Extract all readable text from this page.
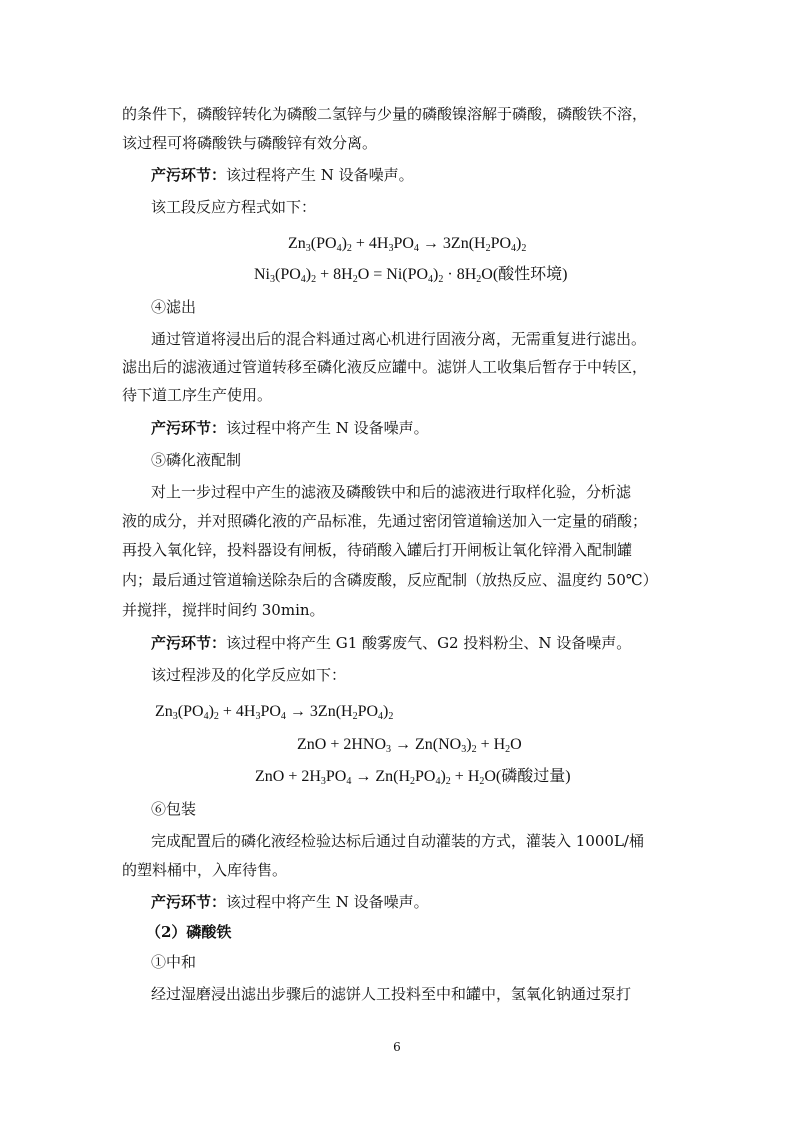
的条件下，磷酸锌转化为磷酸二氢锌与少量的磷酸镍溶解于磷酸，磷酸铁不溶，
该过程可将磷酸铁与磷酸锌有效分离。
产污环节：该过程将产生 N 设备噪声。
该工段反应方程式如下：
$Zn_3(PO_4)_2 + 4H_3PO_4 \to 3Zn(H_2PO_4)_2$
$Ni_3(PO_4)_2 + 8H_2O = Ni(PO_4)_2 \cdot 8H_2O$(酸性环境)
④滤出
通过管道将浸出后的混合料通过离心机进行固液分离，无需重复进行滤出。
滤出后的滤液通过管道转移至磷化液反应罐中。滤饼人工收集后暂存于中转区，
待下道工序生产使用。
产污环节：该过程中将产生 N 设备噪声。
⑤磷化液配制
对上一步过程中产生的滤液及磷酸铁中和后的滤液进行取样化验，分析滤
液的成分，并对照磷化液的产品标准，先通过密闭管道输送加入一定量的硝酸；
再投入氧化锌，投料器设有闸板，待硝酸入罐后打开闸板让氧化锌滑入配制罐
内；最后通过管道输送除杂后的含磷废酸，反应配制（放热反应、温度约 50℃）
并搅拌，搅拌时间约 30min。
产污环节：该过程中将产生 G1 酸雾废气、G2 投料粉尘、N 设备噪声。
该过程涉及的化学反应如下：
$Zn_3(PO_4)_2 + 4H_3PO_4 \to 3Zn(H_2PO_4)_2$
ZnO + $2HNO_3 \to Zn(NO_3)_2 + H_2O$
ZnO + $2H_3PO_4 \to Zn(H_2PO_4)_2 + H_2O$(磷酸过量)
⑥包装
完成配置后的磷化液经检验达标后通过自动灌装的方式，灌装入 1000L/桶
的塑料桶中，入库待售。
产污环节：该过程中将产生 N 设备噪声。
（2）磷酸铁
①中和
经过湿磨浸出滤出步骤后的滤饼人工投料至中和罐中，氢氧化钠通过泵打
6
